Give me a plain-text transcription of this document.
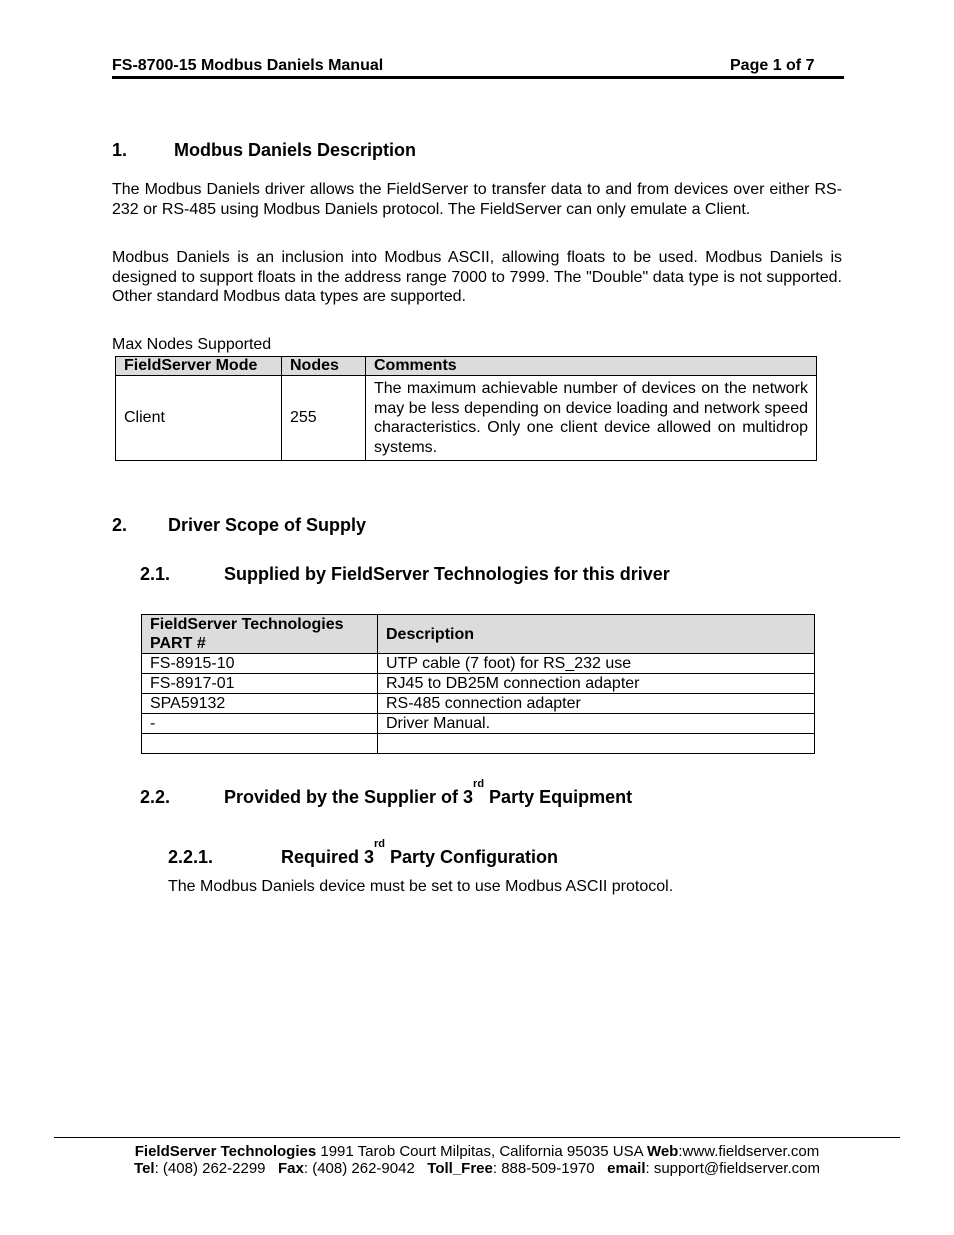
FS-8700-15 Modbus Daniels Manual	Page 1 of 7
1.	Modbus Daniels Description
The Modbus Daniels driver allows the FieldServer to transfer data to and from devices over either RS-232 or RS-485 using Modbus Daniels protocol. The FieldServer can only emulate a Client.
Modbus Daniels is an inclusion into Modbus ASCII, allowing floats to be used. Modbus Daniels is designed to support floats in the address range 7000 to 7999. The "Double" data type is not supported. Other standard Modbus data types are supported.
Max Nodes Supported
FieldServer Mode	Nodes	Comments
Client	255	The maximum achievable number of devices on the network may be less depending on device loading and network speed characteristics. Only one client device allowed on multidrop systems.
2. Driver Scope of Supply
2.1.	Supplied by FieldServer Technologies for this driver
FieldServer Technologies PART #	Description
FS-8915-10	UTP cable (7 foot) for RS_232 use
FS-8917-01	RJ45 to DB25M connection adapter
SPA59132	RS-485 connection adapter
-	Driver Manual.

2.2.	Provided by the Supplier of 3rd Party Equipment
2.2.1.	Required 3rd Party Configuration
The Modbus Daniels device must be set to use Modbus ASCII protocol.
FieldServer Technologies 1991 Tarob Court Milpitas, California 95035 USA Web:www.fieldserver.com
Tel: (408) 262-2299   Fax: (408) 262-9042   Toll_Free: 888-509-1970   email: support@fieldserver.com
